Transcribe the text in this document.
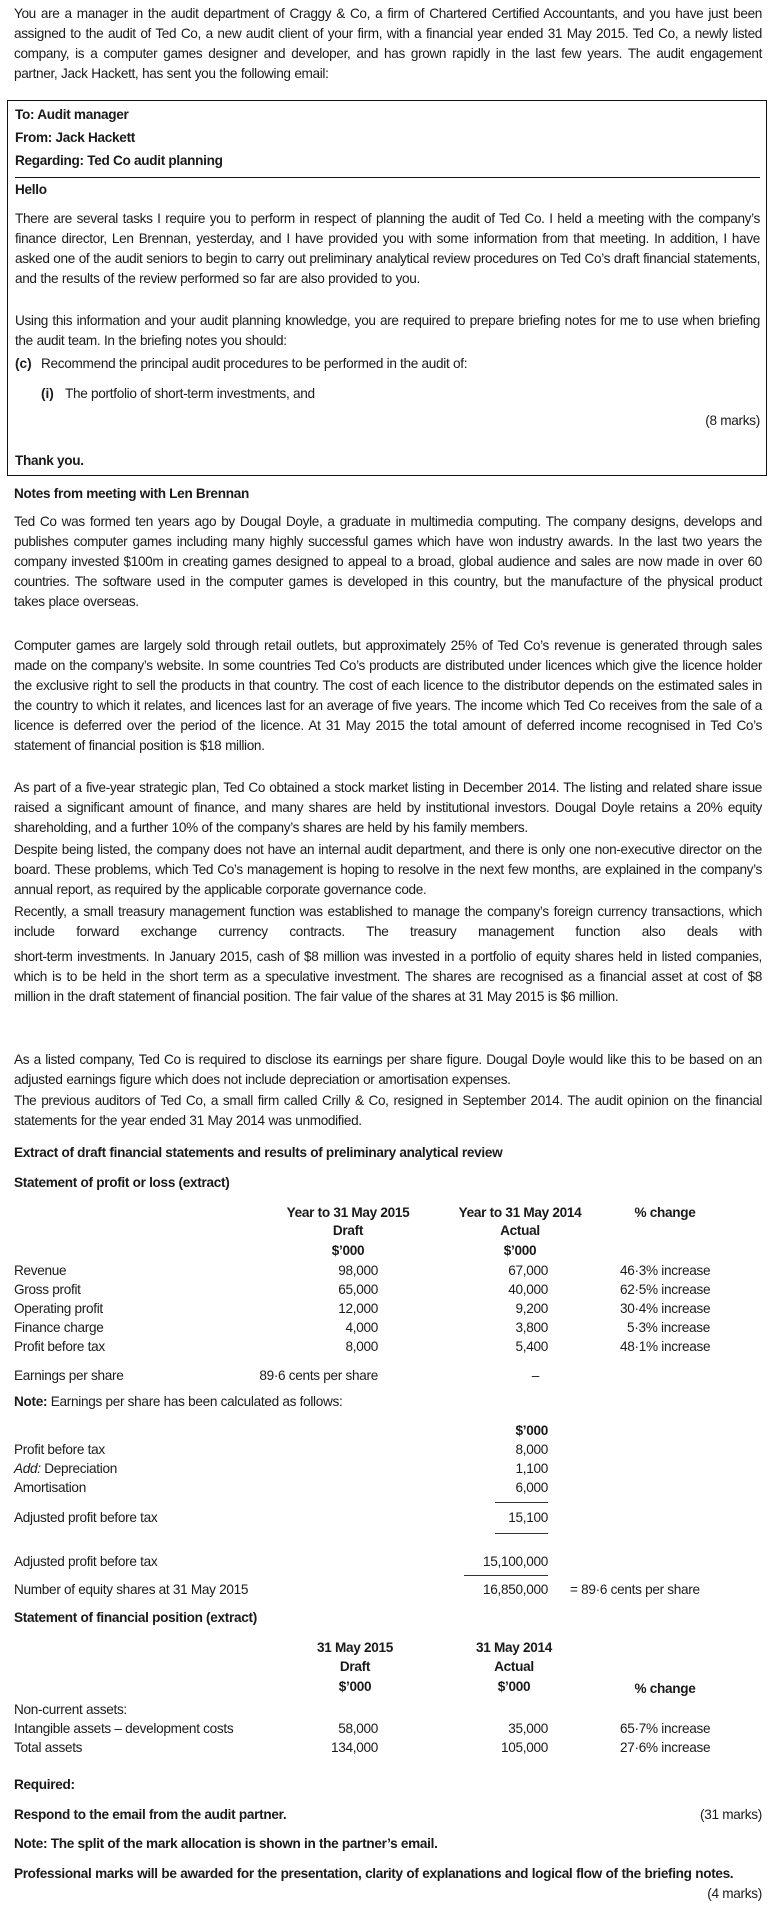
You are a manager in the audit department of Craggy & Co, a firm of Chartered Certified Accountants, and you have just been assigned to the audit of Ted Co, a new audit client of your firm, with a financial year ended 31 May 2015. Ted Co, a newly listed company, is a computer games designer and developer, and has grown rapidly in the last few years. The audit engagement partner, Jack Hackett, has sent you the following email:

To: Audit manager
From: Jack Hackett
Regarding: Ted Co audit planning
Hello

There are several tasks I require you to perform in respect of planning the audit of Ted Co. I held a meeting with the company’s finance director, Len Brennan, yesterday, and I have provided you with some information from that meeting. In addition, I have asked one of the audit seniors to begin to carry out preliminary analytical review procedures on Ted Co’s draft financial statements, and the results of the review performed so far are also provided to you.

Using this information and your audit planning knowledge, you are required to prepare briefing notes for me to use when briefing the audit team. In the briefing notes you should:

(c) Recommend the principal audit procedures to be performed in the audit of:
(i) The portfolio of short-term investments, and
(8 marks)
Thank you.
Notes from meeting with Len Brennan

Ted Co was formed ten years ago by Dougal Doyle, a graduate in multimedia computing. The company designs, develops and publishes computer games including many highly successful games which have won industry awards. In the last two years the company invested $100m in creating games designed to appeal to a broad, global audience and sales are now made in over 60 countries. The software used in the computer games is developed in this country, but the manufacture of the physical product takes place overseas.

Computer games are largely sold through retail outlets, but approximately 25% of Ted Co’s revenue is generated through sales made on the company’s website. In some countries Ted Co’s products are distributed under licences which give the licence holder the exclusive right to sell the products in that country. The cost of each licence to the distributor depends on the estimated sales in the country to which it relates, and licences last for an average of five years. The income which Ted Co receives from the sale of a licence is deferred over the period of the licence. At 31 May 2015 the total amount of deferred income recognised in Ted Co’s statement of financial position is $18 million.

As part of a five-year strategic plan, Ted Co obtained a stock market listing in December 2014. The listing and related share issue raised a significant amount of finance, and many shares are held by institutional investors. Dougal Doyle retains a 20% equity shareholding, and a further 10% of the company’s shares are held by his family members.

Despite being listed, the company does not have an internal audit department, and there is only one non-executive director on the board. These problems, which Ted Co’s management is hoping to resolve in the next few months, are explained in the company’s annual report, as required by the applicable corporate governance code.

Recently, a small treasury management function was established to manage the company’s foreign currency transactions, which include forward exchange currency contracts. The treasury management function also deals with

short-term investments. In January 2015, cash of $8 million was invested in a portfolio of equity shares held in listed companies, which is to be held in the short term as a speculative investment. The shares are recognised as a financial asset at cost of $8 million in the draft statement of financial position. The fair value of the shares at 31 May 2015 is $6 million.

As a listed company, Ted Co is required to disclose its earnings per share figure. Dougal Doyle would like this to be based on an adjusted earnings figure which does not include depreciation or amortisation expenses.

The previous auditors of Ted Co, a small firm called Crilly & Co, resigned in September 2014. The audit opinion on the financial statements for the year ended 31 May 2014 was unmodified.

Extract of draft financial statements and results of preliminary analytical review
Statement of profit or loss (extract)
Year to 31 May 2015
Draft
$’000
Year to 31 May 2014
Actual
$’000
% change
Revenue	98,000	67,000	46·3% increase
Gross profit	65,000	40,000	62·5% increase
Operating profit	12,000	9,200	30·4% increase
Finance charge	4,000	3,800	5·3% increase
Profit before tax	8,000	5,400	48·1% increase
Earnings per share	89·6 cents per share	–
Note: Earnings per share has been calculated as follows:
$’000
Profit before tax	8,000
Add: Depreciation	1,100
Amortisation	6,000
Adjusted profit before tax	15,100
Adjusted profit before tax	15,100,000
Number of equity shares at 31 May 2015	16,850,000 = 89·6 cents per share
Statement of financial position (extract)
31 May 2015
Draft
$’000
31 May 2014
Actual
$’000	% change
Non-current assets:
Intangible assets – development costs	58,000	35,000	65·7% increase
Total assets	134,000	105,000	27·6% increase
Required:
Respond to the email from the audit partner.	(31 marks)
Note: The split of the mark allocation is shown in the partner’s email.

Professional marks will be awarded for the presentation, clarity of explanations and logical flow of the briefing notes.

(4 marks)
